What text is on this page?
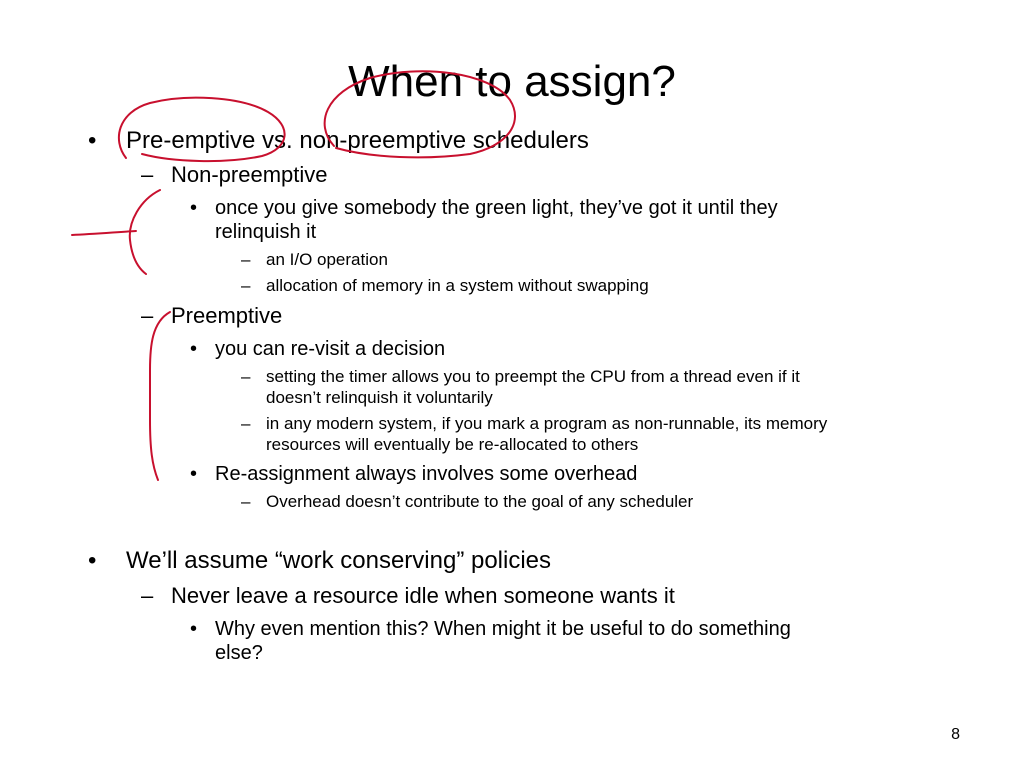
When to assign?
• Pre-emptive vs. non-preemptive schedulers
– Non-preemptive
• once you give somebody the green light, they’ve got it until they
relinquish it
– an I/O operation
– allocation of memory in a system without swapping
– Preemptive
• you can re-visit a decision
– setting the timer allows you to preempt the CPU from a thread even if it
doesn’t relinquish it voluntarily
– in any modern system, if you mark a program as non-runnable, its memory
resources will eventually be re-allocated to others
• Re-assignment always involves some overhead
– Overhead doesn’t contribute to the goal of any scheduler
• We’ll assume “work conserving” policies
– Never leave a resource idle when someone wants it
• Why even mention this? When might it be useful to do something
else?
8
